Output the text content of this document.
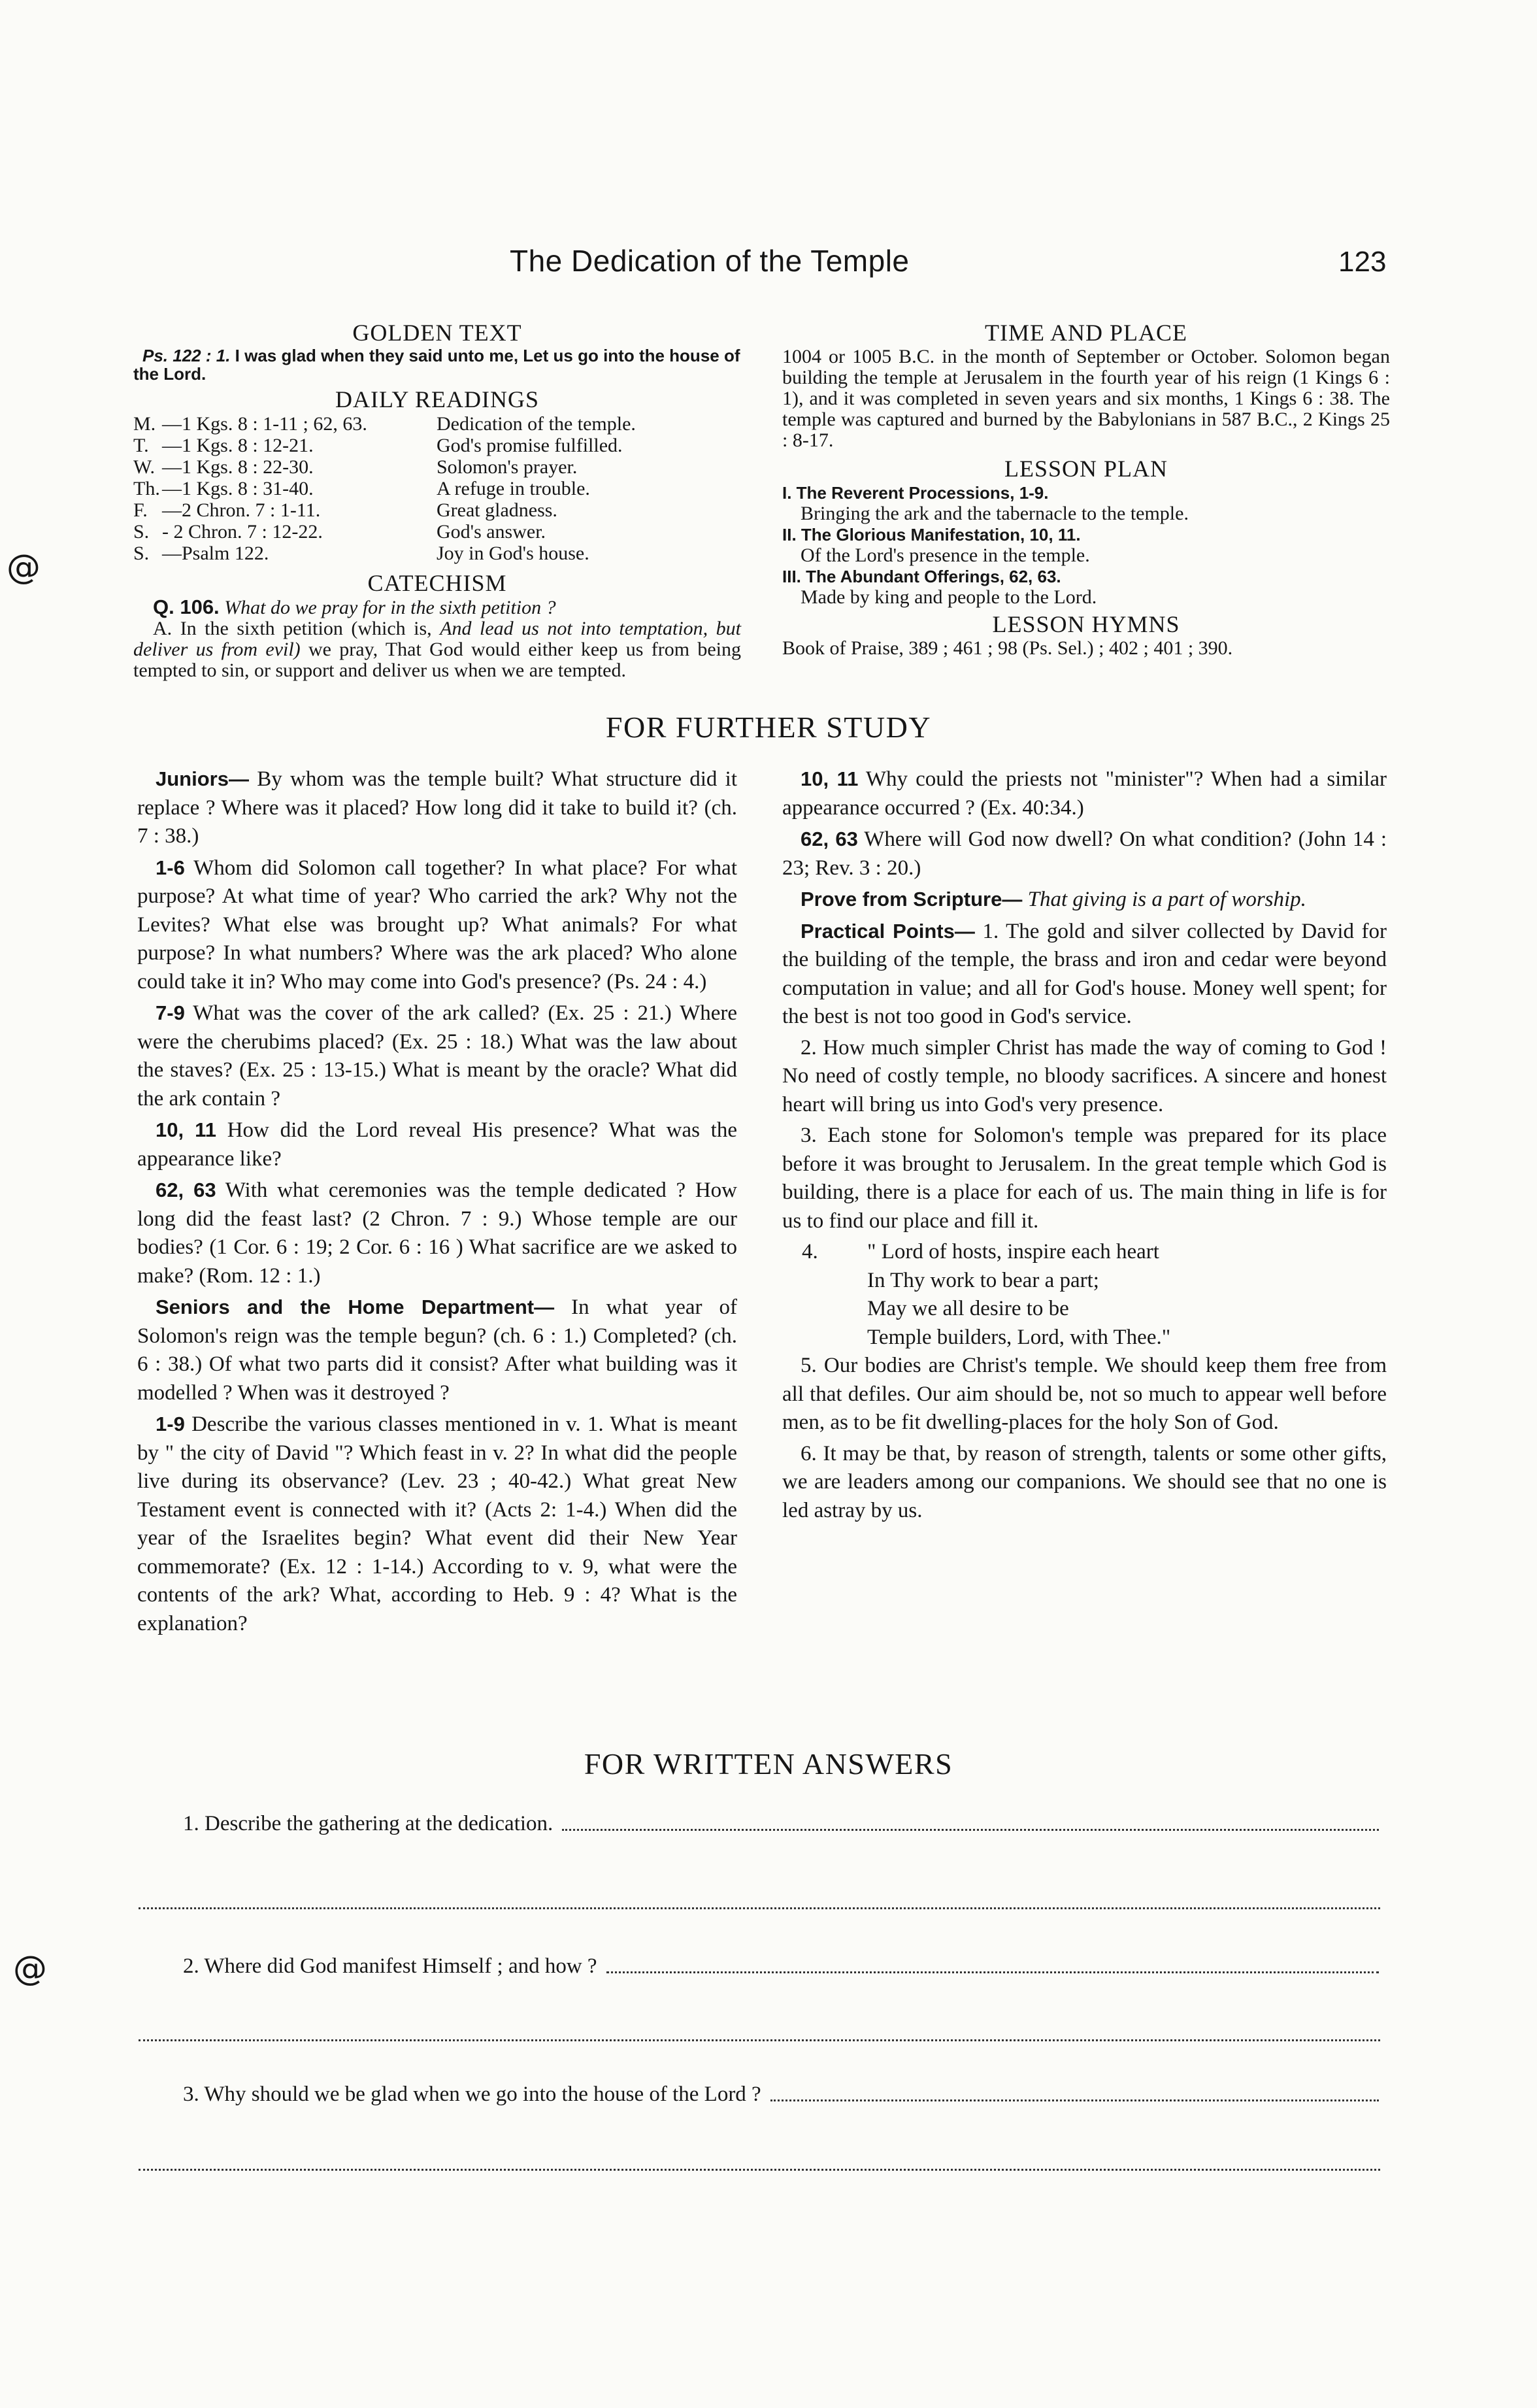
The Dedication of the Temple	123
@
@
GOLDEN TEXT
Ps. 122 : 1. I was glad when they said unto me, Let us go into the house of the Lord.
DAILY READINGS
M.	—1 Kgs. 8 : 1-11 ; 62, 63.	Dedication of the temple.
T.	—1 Kgs. 8 : 12-21.	God's promise fulfilled.
W.	—1 Kgs. 8 : 22-30.	Solomon's prayer.
Th.	—1 Kgs. 8 : 31-40.	A refuge in trouble.
F.	—2 Chron. 7 : 1-11.	Great gladness.
S.	- 2 Chron. 7 : 12-22.	God's answer.
S.	—Psalm 122.	Joy in God's house.
CATECHISM
Q. 106. What do we pray for in the sixth petition ?
A. In the sixth petition (which is, And lead us not into temptation, but deliver us from evil) we pray, That God would either keep us from being tempted to sin, or support and deliver us when we are tempted.
TIME AND PLACE
1004 or 1005 B.C. in the month of September or October. Solomon began building the temple at Jerusalem in the fourth year of his reign (1 Kings 6 : 1), and it was completed in seven years and six months, 1 Kings 6 : 38. The temple was captured and burned by the Babylonians in 587 B.C., 2 Kings 25 : 8-17.
LESSON PLAN
I. The Reverent Processions, 1-9.
Bringing the ark and the tabernacle to the temple.
II. The Glorious Manifestation, 10, 11.
Of the Lord's presence in the temple.
III. The Abundant Offerings, 62, 63.
Made by king and people to the Lord.
LESSON HYMNS
Book of Praise, 389 ; 461 ; 98 (Ps. Sel.) ; 402 ; 401 ; 390.
FOR FURTHER STUDY

Juniors— By whom was the temple built? What structure did it replace ? Where was it placed? How long did it take to build it? (ch. 7 : 38.)

1-6 Whom did Solomon call together? In what place? For what purpose? At what time of year? Who carried the ark? Why not the Levites? What else was brought up? What animals? For what purpose? In what numbers? Where was the ark placed? Who alone could take it in? Who may come into God's presence? (Ps. 24 : 4.)

7-9 What was the cover of the ark called? (Ex. 25 : 21.) Where were the cherubims placed? (Ex. 25 : 18.) What was the law about the staves? (Ex. 25 : 13-15.) What is meant by the oracle? What did the ark contain ?

10, 11 How did the Lord reveal His presence? What was the appearance like?

62, 63 With what ceremonies was the temple dedicated ? How long did the feast last? (2 Chron. 7 : 9.) Whose temple are our bodies? (1 Cor. 6 : 19; 2 Cor. 6 : 16 ) What sacrifice are we asked to make? (Rom. 12 : 1.)

Seniors and the Home Department— In what year of Solomon's reign was the temple begun? (ch. 6 : 1.) Completed? (ch. 6 : 38.) Of what two parts did it consist? After what building was it modelled ? When was it destroyed ?

1-9 Describe the various classes mentioned in v. 1. What is meant by " the city of David "? Which feast in v. 2? In what did the people live during its observance? (Lev. 23 ; 40-42.) What great New Testament event is connected with it? (Acts 2: 1-4.) When did the year of the Israelites begin? What event did their New Year commemorate? (Ex. 12 : 1-14.) According to v. 9, what were the contents of the ark? What, according to Heb. 9 : 4? What is the explanation?

10, 11 Why could the priests not "minister"? When had a similar appearance occurred ? (Ex. 40:34.)

62, 63 Where will God now dwell? On what condition? (John 14 : 23; Rev. 3 : 20.)

Prove from Scripture— That giving is a part of worship.

Practical Points— 1. The gold and silver collected by David for the building of the temple, the brass and iron and cedar were beyond computation in value; and all for God's house. Money well spent; for the best is not too good in God's service.

2. How much simpler Christ has made the way of coming to God ! No need of costly temple, no bloody sacrifices. A sincere and honest heart will bring us into God's very presence.

3. Each stone for Solomon's temple was prepared for its place before it was brought to Jerusalem. In the great temple which God is building, there is a place for each of us. The main thing in life is for us to find our place and fill it.

4.	" Lord of hosts, inspire each heart
In Thy work to bear a part;
May we all desire to be
Temple builders, Lord, with Thee."

5. Our bodies are Christ's temple. We should keep them free from all that defiles. Our aim should be, not so much to appear well before men, as to be fit dwelling-places for the holy Son of God.

6. It may be that, by reason of strength, talents or some other gifts, we are leaders among our companions. We should see that no one is led astray by us.

FOR WRITTEN ANSWERS
1. Describe the gathering at the dedication.
2. Where did God manifest Himself ; and how ?
3. Why should we be glad when we go into the house of the Lord ?
